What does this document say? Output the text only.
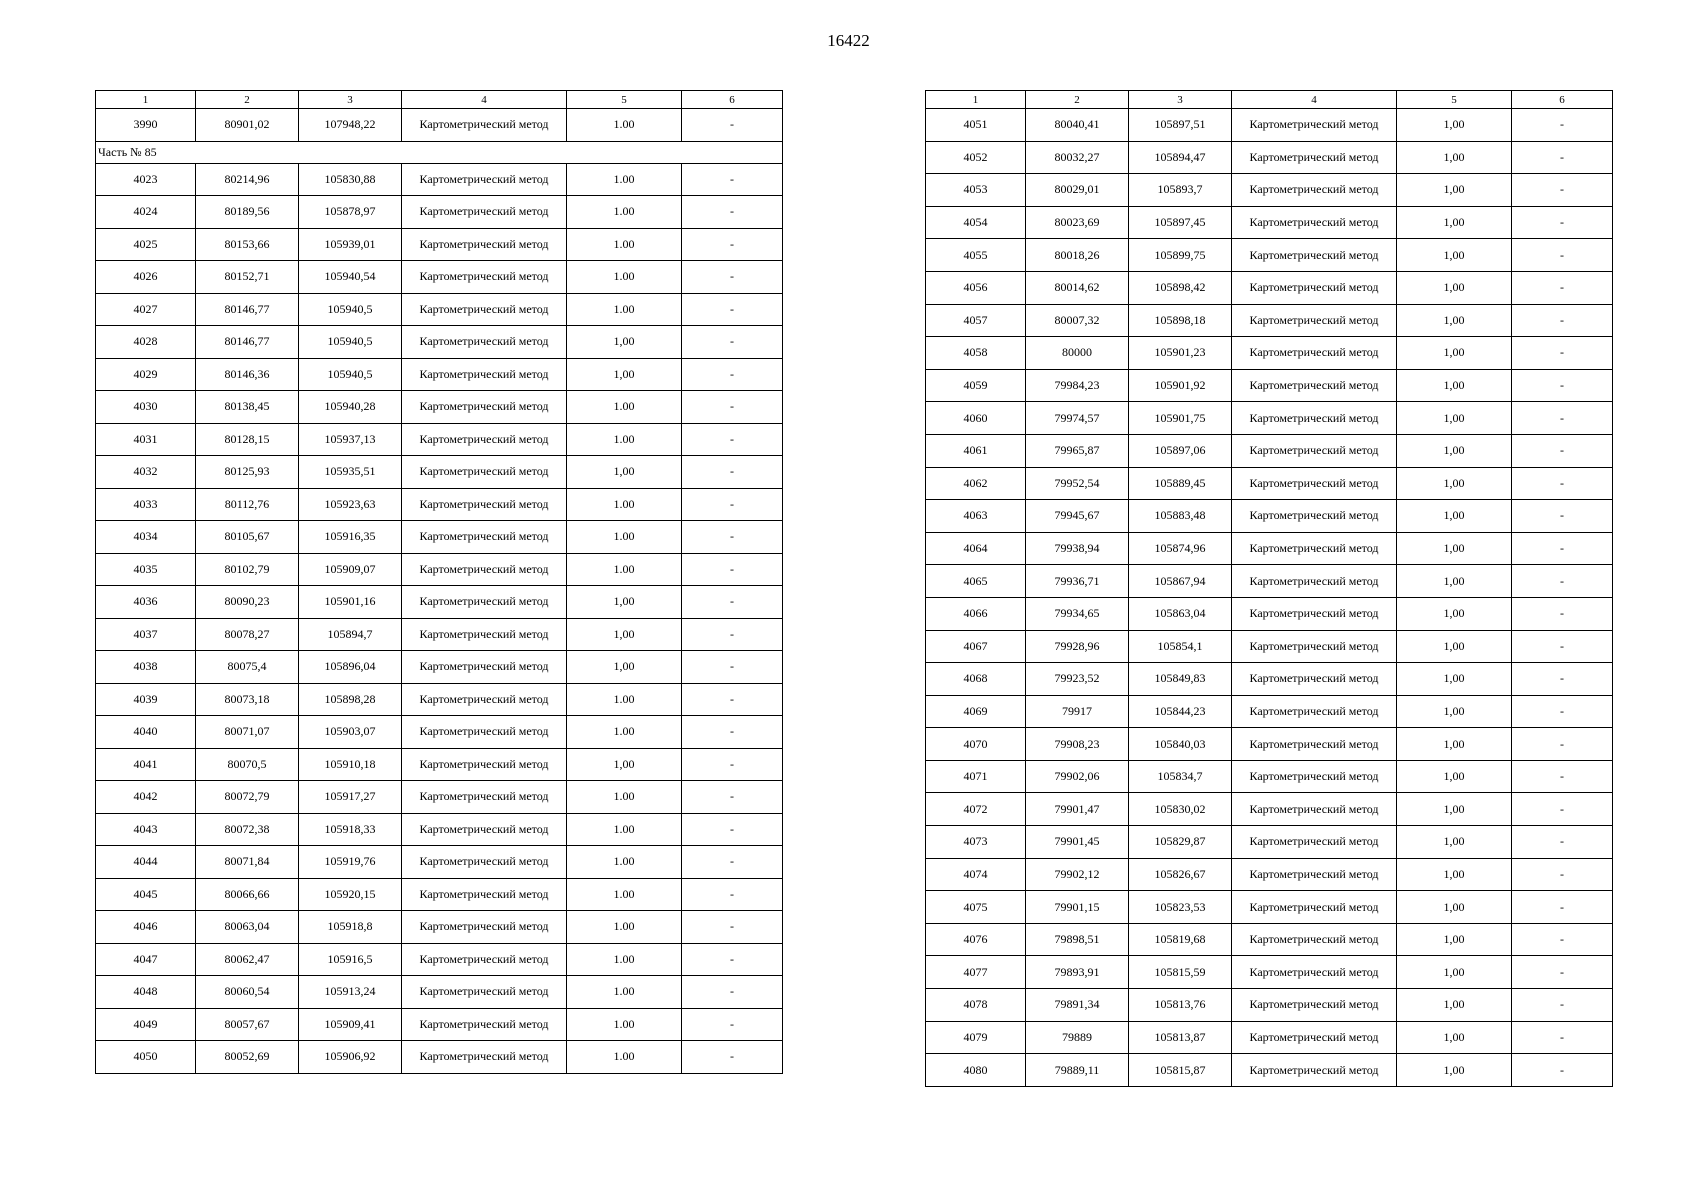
16422
1	2	3	4	5	6
3990	80901,02	107948,22	Картометрический метод	1.00	-
Часть № 85					
4023	80214,96	105830,88	Картометрический метод	1.00	-
4024	80189,56	105878,97	Картометрический метод	1.00	-
4025	80153,66	105939,01	Картометрический метод	1.00	-
4026	80152,71	105940,54	Картометрический метод	1.00	-
4027	80146,77	105940,5	Картометрический метод	1.00	-
4028	80146,77	105940,5	Картометрический метод	1,00	-
4029	80146,36	105940,5	Картометрический метод	1,00	-
4030	80138,45	105940,28	Картометрический метод	1.00	-
4031	80128,15	105937,13	Картометрический метод	1.00	-
4032	80125,93	105935,51	Картометрический метод	1,00	-
4033	80112,76	105923,63	Картометрический метод	1.00	-
4034	80105,67	105916,35	Картометрический метод	1.00	-
4035	80102,79	105909,07	Картометрический метод	1.00	-
4036	80090,23	105901,16	Картометрический метод	1,00	-
4037	80078,27	105894,7	Картометрический метод	1,00	-
4038	80075,4	105896,04	Картометрический метод	1,00	-
4039	80073,18	105898,28	Картометрический метод	1.00	-
4040	80071,07	105903,07	Картометрический метод	1.00	-
4041	80070,5	105910,18	Картометрический метод	1,00	-
4042	80072,79	105917,27	Картометрический метод	1.00	-
4043	80072,38	105918,33	Картометрический метод	1.00	-
4044	80071,84	105919,76	Картометрический метод	1.00	-
4045	80066,66	105920,15	Картометрический метод	1.00	-
4046	80063,04	105918,8	Картометрический метод	1.00	-
4047	80062,47	105916,5	Картометрический метод	1.00	-
4048	80060,54	105913,24	Картометрический метод	1.00	-
4049	80057,67	105909,41	Картометрический метод	1.00	-
4050	80052,69	105906,92	Картометрический метод	1.00	-
1	2	3	4	5	6
4051	80040,41	105897,51	Картометрический метод	1,00	-
4052	80032,27	105894,47	Картометрический метод	1,00	-
4053	80029,01	105893,7	Картометрический метод	1,00	-
4054	80023,69	105897,45	Картометрический метод	1,00	-
4055	80018,26	105899,75	Картометрический метод	1,00	-
4056	80014,62	105898,42	Картометрический метод	1,00	-
4057	80007,32	105898,18	Картометрический метод	1,00	-
4058	80000	105901,23	Картометрический метод	1,00	-
4059	79984,23	105901,92	Картометрический метод	1,00	-
4060	79974,57	105901,75	Картометрический метод	1,00	-
4061	79965,87	105897,06	Картометрический метод	1,00	-
4062	79952,54	105889,45	Картометрический метод	1,00	-
4063	79945,67	105883,48	Картометрический метод	1,00	-
4064	79938,94	105874,96	Картометрический метод	1,00	-
4065	79936,71	105867,94	Картометрический метод	1,00	-
4066	79934,65	105863,04	Картометрический метод	1,00	-
4067	79928,96	105854,1	Картометрический метод	1,00	-
4068	79923,52	105849,83	Картометрический метод	1,00	-
4069	79917	105844,23	Картометрический метод	1,00	-
4070	79908,23	105840,03	Картометрический метод	1,00	-
4071	79902,06	105834,7	Картометрический метод	1,00	-
4072	79901,47	105830,02	Картометрический метод	1,00	-
4073	79901,45	105829,87	Картометрический метод	1,00	-
4074	79902,12	105826,67	Картометрический метод	1,00	-
4075	79901,15	105823,53	Картометрический метод	1,00	-
4076	79898,51	105819,68	Картометрический метод	1,00	-
4077	79893,91	105815,59	Картометрический метод	1,00	-
4078	79891,34	105813,76	Картометрический метод	1,00	-
4079	79889	105813,87	Картометрический метод	1,00	-
4080	79889,11	105815,87	Картометрический метод	1,00	-
